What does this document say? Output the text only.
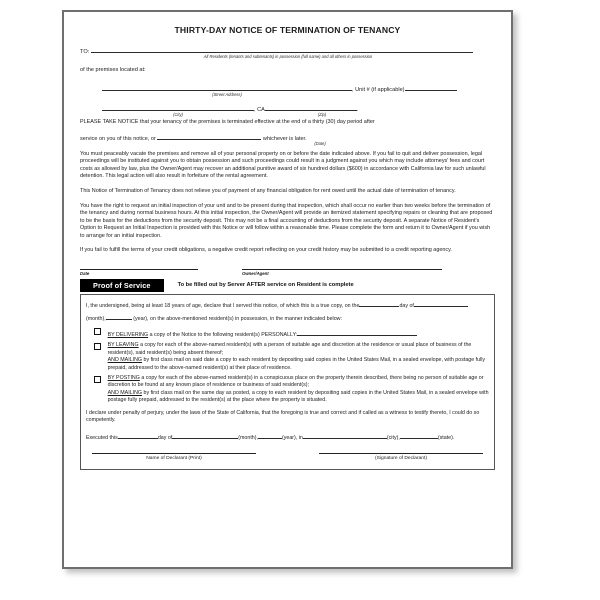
THIRTY-DAY NOTICE OF TERMINATION OF TENANCY
TO:
All Residents (tenants and subtenants) in possession (full name) and all others in possession
of the premises located at:
, Unit # (if applicable)
(Street Address)
, CA	.
(City)	(Zip)

PLEASE TAKE NOTICE that your tenancy of the premises is terminated effective at the end of a thirty (30) day period after

service on you of this notice, or	whichever is later.
(Date)

You must peaceably vacate the premises and remove all of your personal property on or before the date indicated above. If you fail to quit and deliver possession, legal proceedings will be instituted against you to obtain possession and such proceedings could result in a judgment against you which may include attorneys' fees and court costs as allowed by law, plus the Owner/Agent may recover an additional punitive award of six hundred dollars ($600) in accordance with California law for such unlawful detention. This legal action will also result in forfeiture of the rental agreement.

This Notice of Termination of Tenancy does not relieve you of payment of any financial obligation for rent owed until the actual date of termination of tenancy.

You have the right to request an initial inspection of your unit and to be present during that inspection, which shall occur no earlier than two weeks before the termination of the tenancy and during normal business hours. At this initial inspection, the Owner/Agent will provide an itemized statement specifying repairs or cleaning that are proposed to be the basis for the deductions from the security deposit. This may not be a final accounting of deductions from the security deposit. A separate Notice of Resident's Option to Request an Initial Inspection is provided with this Notice or will follow within a reasonable time. Please complete the form and return it to Owner/Agent if you wish to arrange for an initial inspection.

If you fail to fulfill the terms of your credit obligations, a negative credit report reflecting on your credit history may be submitted to a credit reporting agency.

Date	Owner/Agent
Proof of Service	To be filled out by Server AFTER service on Resident is complete
I, the undersigned, being at least 18 years of age, declare that I served this notice, of which this is a true copy, on the	day of (month),	(year), on the above-mentioned resident(s) in possession, in the manner indicated below:
BY DELIVERING a copy of the Notice to the following resident(s) PERSONALLY:
BY LEAVING a copy for each of the above-named resident(s) with a person of suitable age and discretion at the residence or usual place of business of the resident(s), said resident(s) being absent thereof;
AND MAILING by first class mail on said date a copy to each resident by depositing said copies in the United States Mail, in a sealed envelope, with postage fully prepaid, addressed to the above-named resident(s) at their place of residence.
BY POSTING a copy for each of the above-named resident(s) in a conspicuous place on the property therein described, there being no person of suitable age or discretion to be found at any known place of residence or business of said resident(s);
AND MAILING by first class mail on the same day as posted, a copy to each resident by depositing said copies in the United States Mail, in a sealed envelope with postage fully prepaid, addressed to the resident(s) at the place where the property is situated.
I declare under penalty of perjury, under the laws of the State of California, that the foregoing is true and correct and if called as a witness to testify thereto, I could do so competently.
Executed this	day of	(month),	(year), in	(city),	(state).
Name of Declarant (Print)	(Signature of Declarant)
